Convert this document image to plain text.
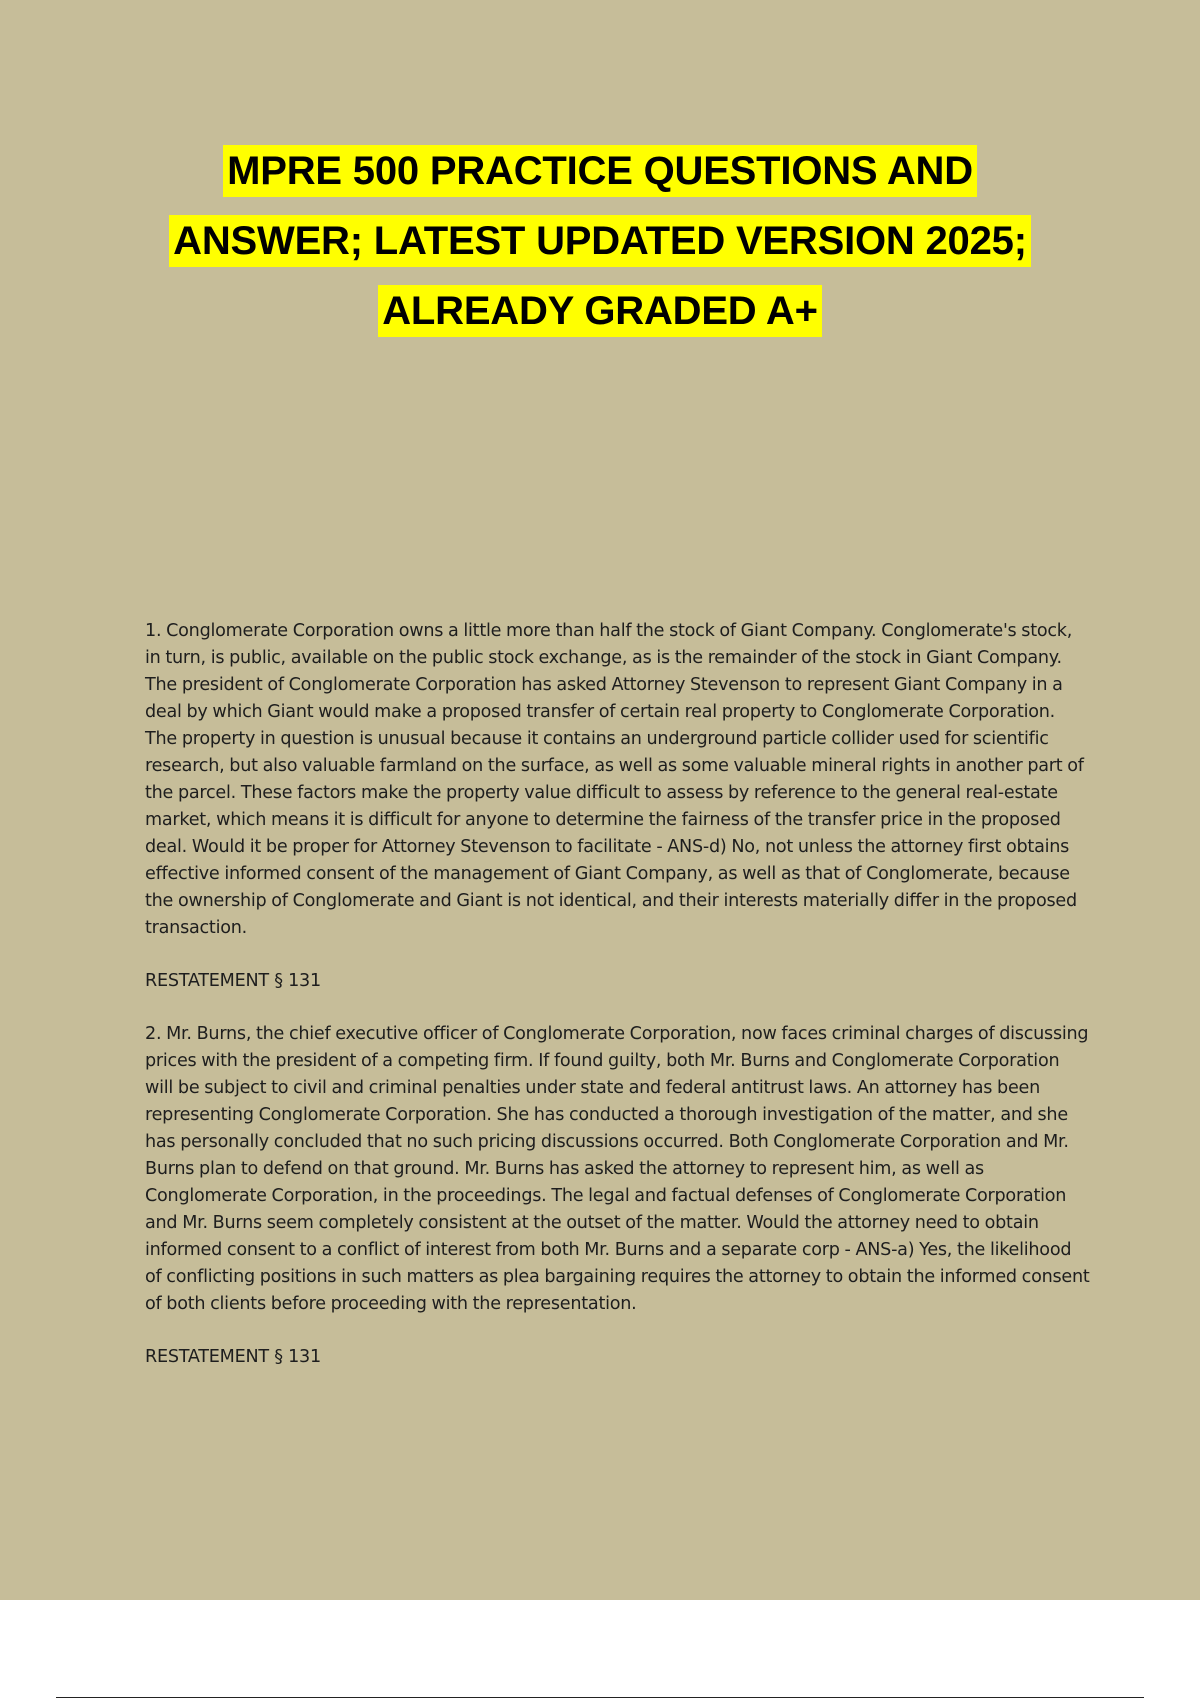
MPRE 500 PRACTICE QUESTIONS AND
ANSWER; LATEST UPDATED VERSION 2025;
ALREADY GRADED A+

1. Conglomerate Corporation owns a little more than half the stock of Giant Company. Conglomerate's stock, in turn, is public, available on the public stock exchange, as is the remainder of the stock in Giant Company. The president of Conglomerate Corporation has asked Attorney Stevenson to represent Giant Company in a deal by which Giant would make a proposed transfer of certain real property to Conglomerate Corporation. The property in question is unusual because it contains an underground particle collider used for scientific research, but also valuable farmland on the surface, as well as some valuable mineral rights in another part of the parcel. These factors make the property value difficult to assess by reference to the general real-estate market, which means it is difficult for anyone to determine the fairness of the transfer price in the proposed deal. Would it be proper for Attorney Stevenson to facilitate - ANS-d) No, not unless the attorney first obtains effective informed consent of the management of Giant Company, as well as that of Conglomerate, because the ownership of Conglomerate and Giant is not identical, and their interests materially differ in the proposed transaction.

RESTATEMENT § 131

2. Mr. Burns, the chief executive officer of Conglomerate Corporation, now faces criminal charges of discussing prices with the president of a competing firm. If found guilty, both Mr. Burns and Conglomerate Corporation will be subject to civil and criminal penalties under state and federal antitrust laws. An attorney has been representing Conglomerate Corporation. She has conducted a thorough investigation of the matter, and she has personally concluded that no such pricing discussions occurred. Both Conglomerate Corporation and Mr. Burns plan to defend on that ground. Mr. Burns has asked the attorney to represent him, as well as Conglomerate Corporation, in the proceedings. The legal and factual defenses of Conglomerate Corporation and Mr. Burns seem completely consistent at the outset of the matter. Would the attorney need to obtain informed consent to a conflict of interest from both Mr. Burns and a separate corp - ANS-a) Yes, the likelihood of conflicting positions in such matters as plea bargaining requires the attorney to obtain the informed consent of both clients before proceeding with the representation.

RESTATEMENT § 131
